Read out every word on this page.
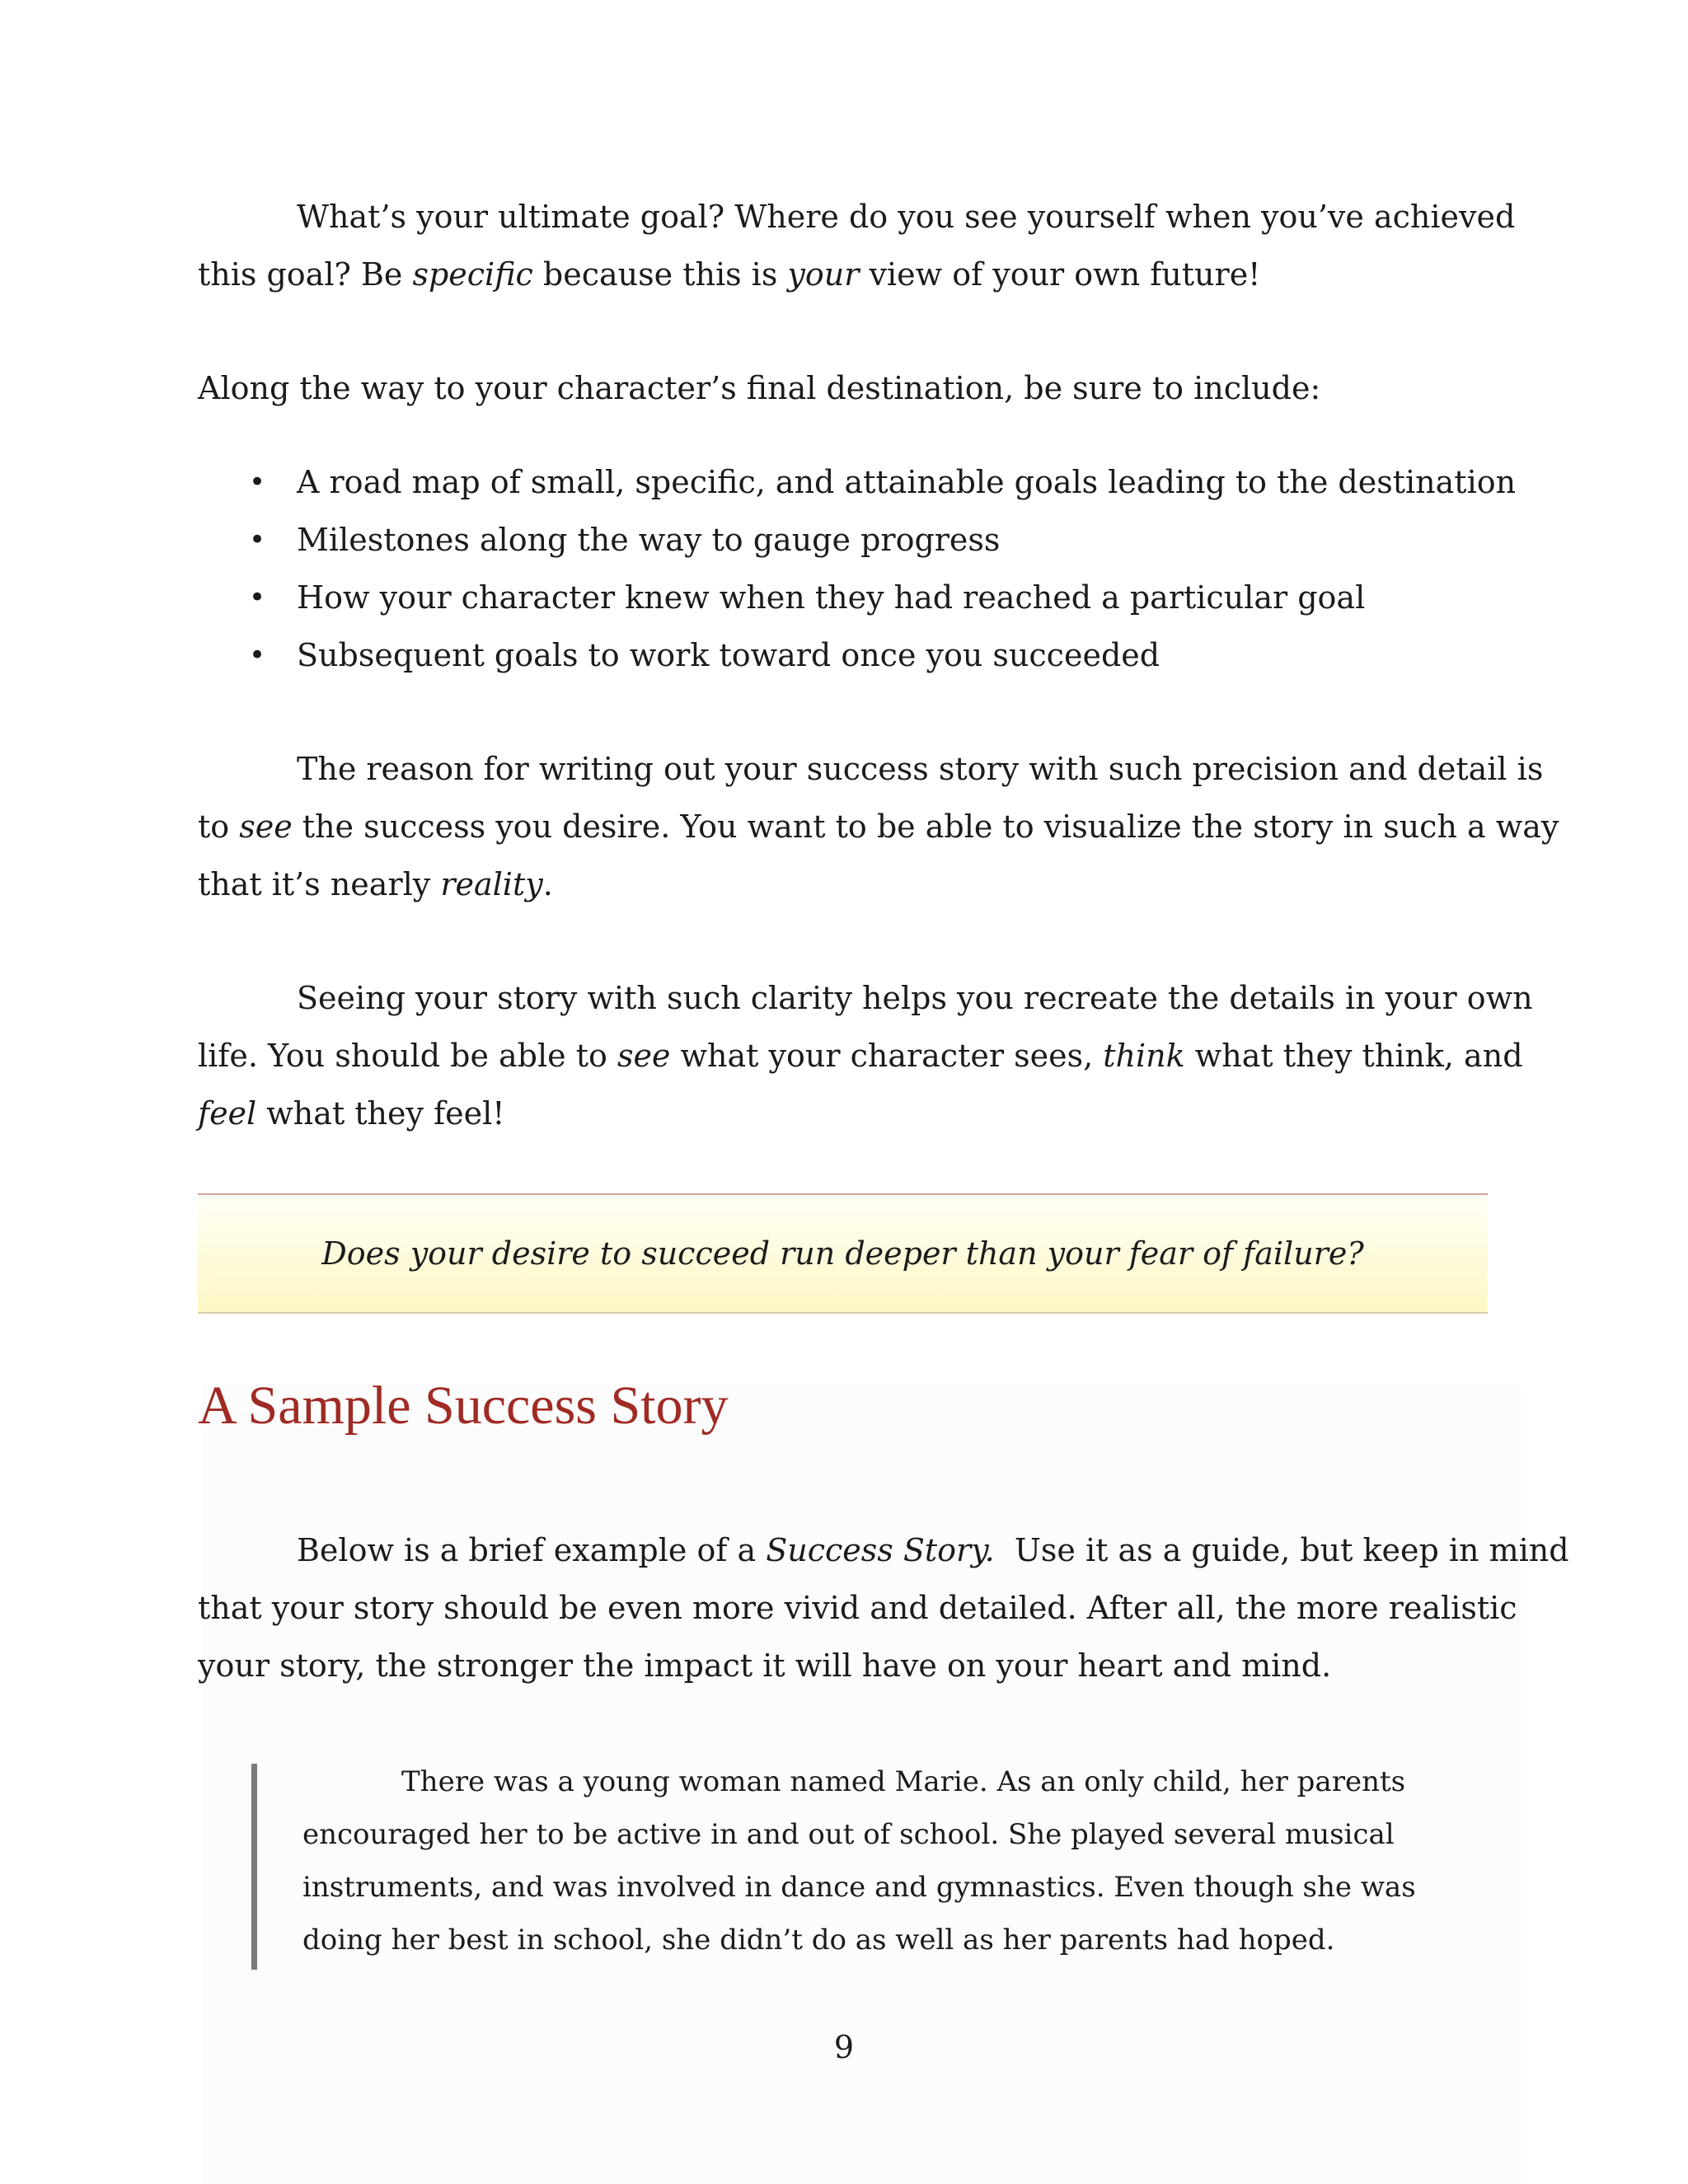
What’s your ultimate goal? Where do you see yourself when you’ve achieved
this goal? Be specific because this is your view of your own future!

Along the way to your character’s final destination, be sure to include:

• A road map of small, specific, and attainable goals leading to the destination
• Milestones along the way to gauge progress
• How your character knew when they had reached a particular goal
• Subsequent goals to work toward once you succeeded

The reason for writing out your success story with such precision and detail is
to see the success you desire. You want to be able to visualize the story in such a way
that it’s nearly reality.

Seeing your story with such clarity helps you recreate the details in your own
life. You should be able to see what your character sees, think what they think, and
feel what they feel!

Does your desire to succeed run deeper than your fear of failure?
A Sample Success Story

Below is a brief example of a Success Story.  Use it as a guide, but keep in mind
that your story should be even more vivid and detailed. After all, the more realistic
your story, the stronger the impact it will have on your heart and mind.

There was a young woman named Marie. As an only child, her parents
encouraged her to be active in and out of school. She played several musical
instruments, and was involved in dance and gymnastics. Even though she was
doing her best in school, she didn’t do as well as her parents had hoped.

9
